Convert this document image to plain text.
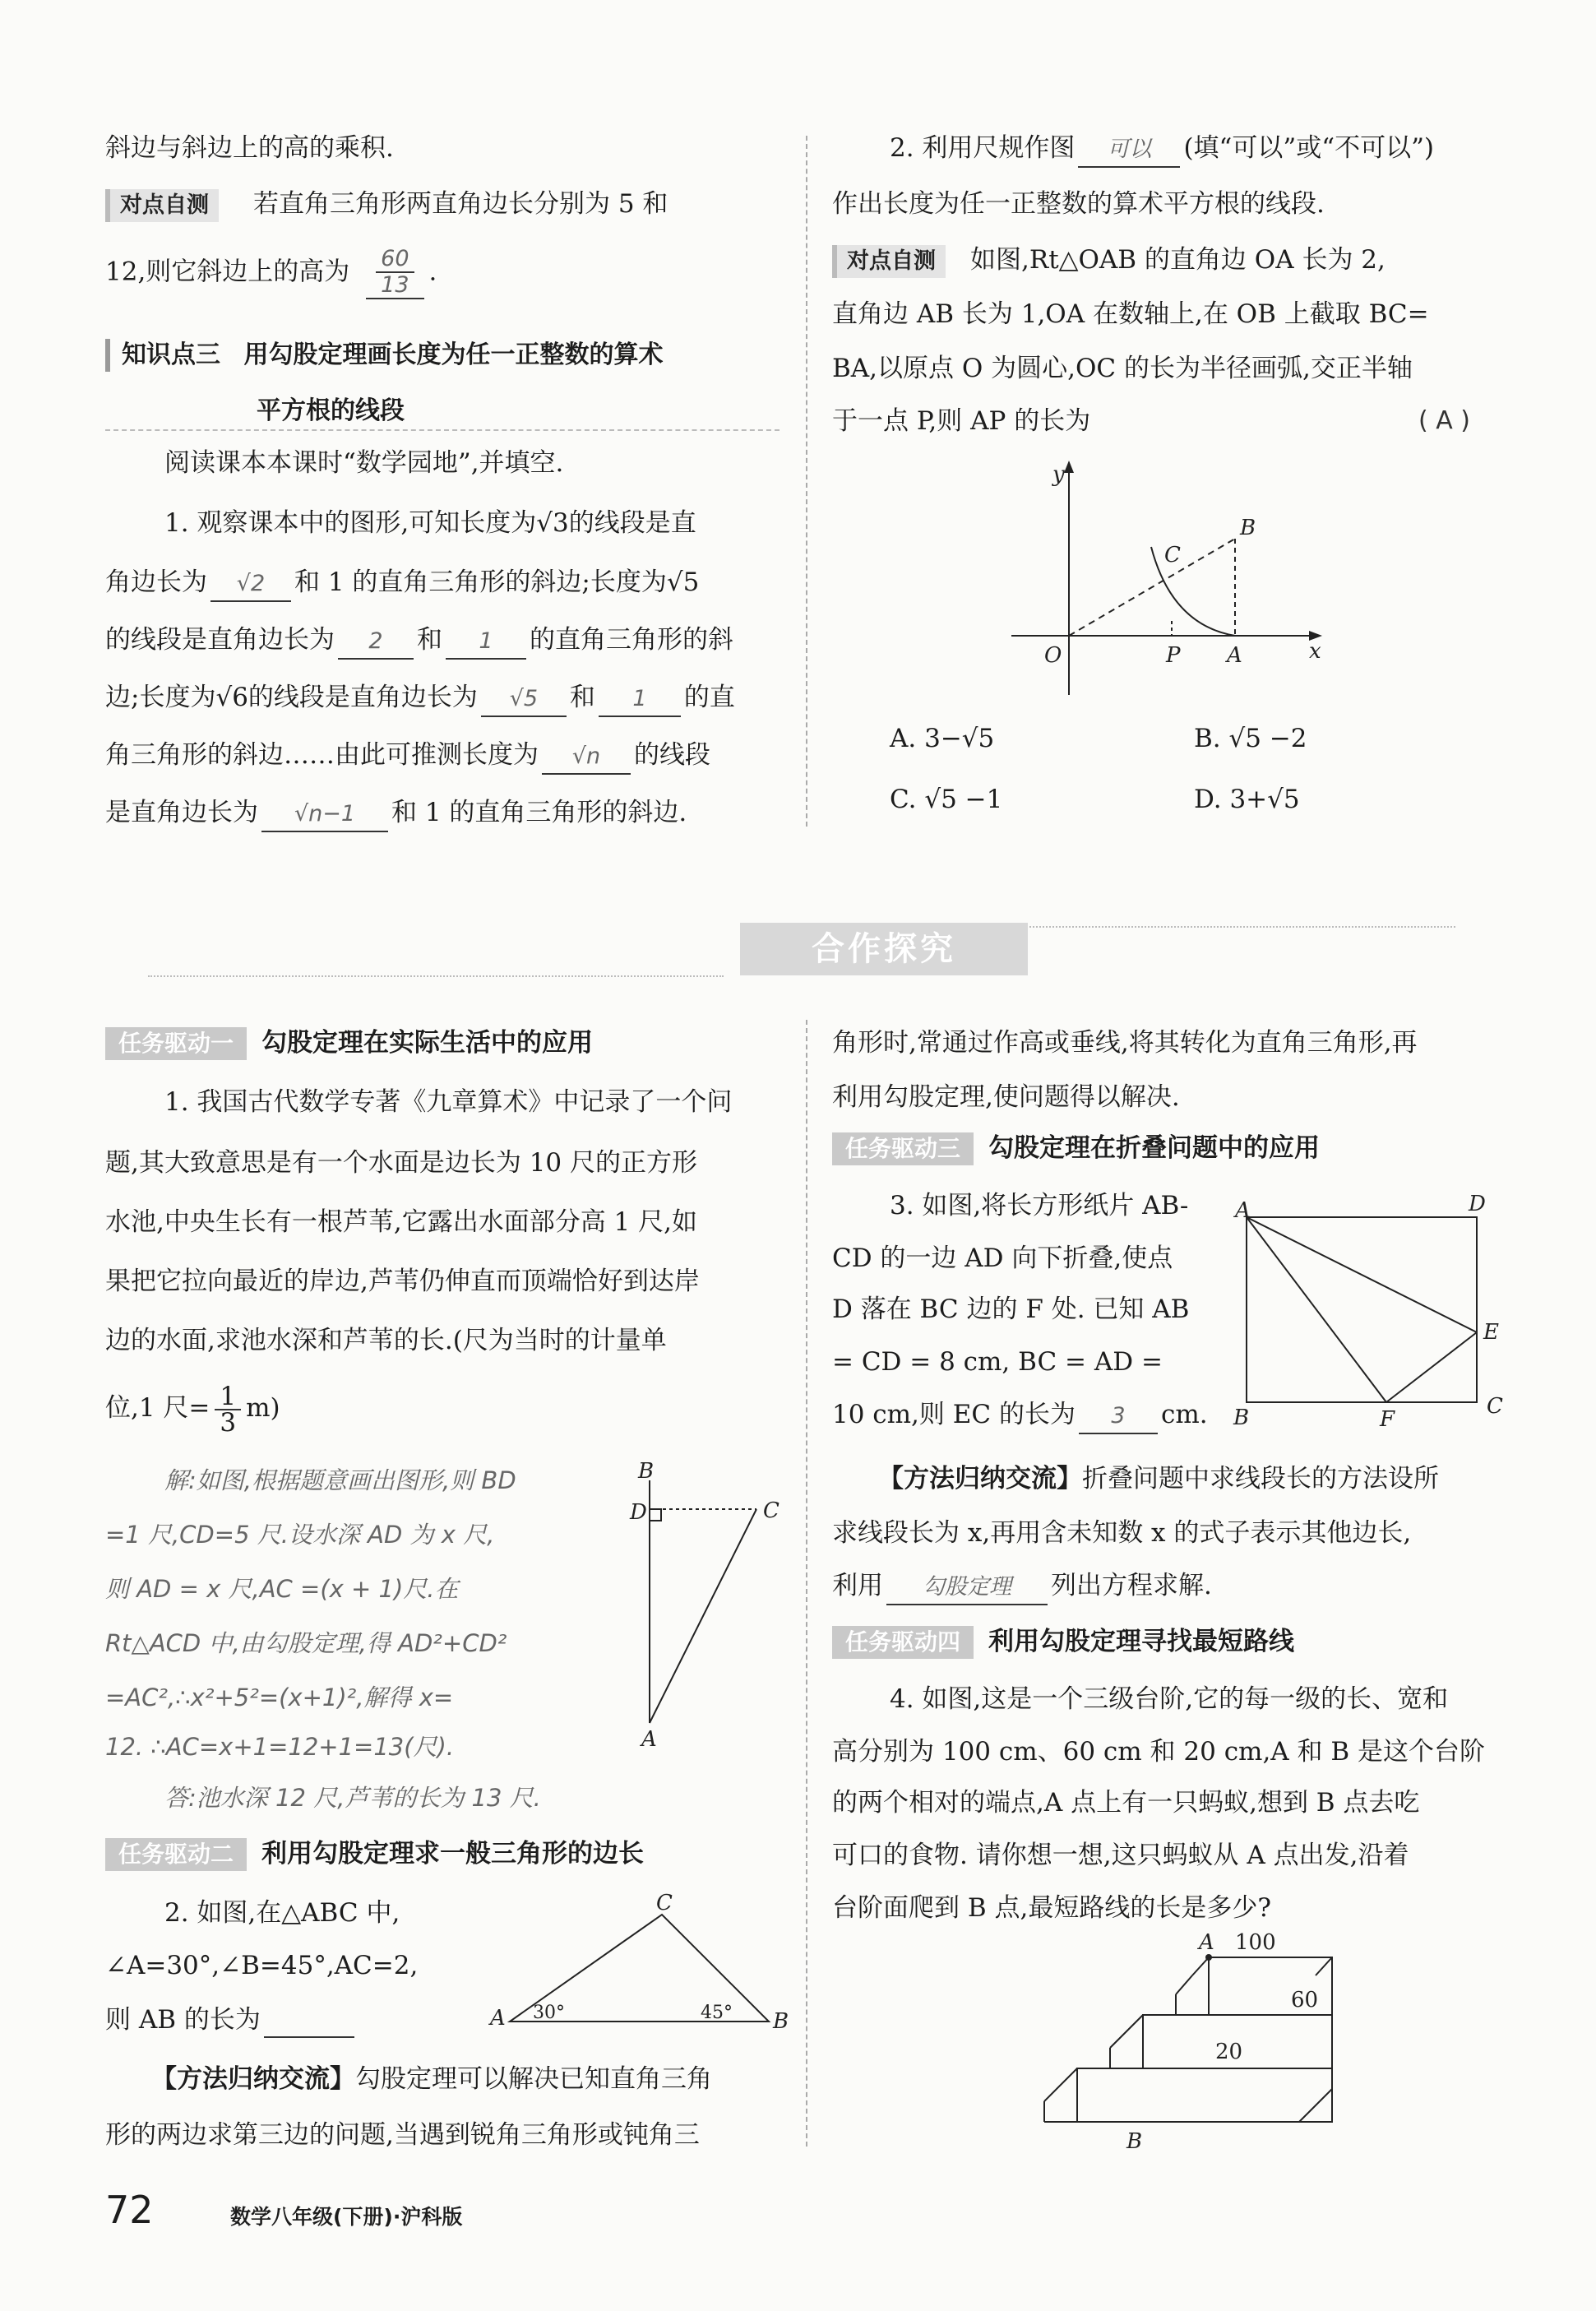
斜边与斜边上的高的乘积.
对点自测 若直角三角形两直角边长分别为 5 和
12,则它斜边上的高为 $\frac{60}{13}$ .
知识点三 用勾股定理画长度为任一正整数的算术
平方根的线段
阅读课本本课时“数学园地”,并填空.
1. 观察课本中的图形,可知长度为√3的线段是直
角边长为 √2 和 1 的直角三角形的斜边;长度为√5
的线段是直角边长为 2 和 1 的直角三角形的斜
边;长度为√6的线段是直角边长为 √5 和 1 的直
角三角形的斜边……由此可推测长度为 √n 的线段
是直角边长为 √n−1 和 1 的直角三角形的斜边.
2. 利用尺规作图 可以 (填“可以”或“不可以”)
作出长度为任一正整数的算术平方根的线段.
对点自测 如图,Rt△OAB 的直角边 OA 长为 2,
直角边 AB 长为 1,OA 在数轴上,在 OB 上截取 BC=
BA,以原点 O 为圆心,OC 的长为半径画弧,交正半轴
于一点 P,则 AP 的长为	( A )
y
x
O	P A
B
C
A. 3−√5	B. √5 −2
C. √5 −1	D. 3+√5
合作探究
任务驱动一 勾股定理在实际生活中的应用
1. 我国古代数学专著《九章算术》中记录了一个问
题,其大致意思是有一个水面是边长为 10 尺的正方形
水池,中央生长有一根芦苇,它露出水面部分高 1 尺,如
果把它拉向最近的岸边,芦苇仍伸直而顶端恰好到达岸
边的水面,求池水深和芦苇的长.(尺为当时的计量单
位,1 尺= $\frac{1}{3} m$)
解:如图,根据题意画出图形,则 BD
=1 尺,CD=5 尺.设水深 AD 为 x 尺,
则 AD = x 尺,AC =(x + 1)尺.在
Rt△ACD 中,由勾股定理,得 AD²+CD²
=AC²,∴x²+5²=(x+1)²,解得 x=
12. ∴AC=x+1=12+1=13(尺).
答:池水深 12 尺,芦苇的长为 13 尺.
B
D	C
A
任务驱动二 利用勾股定理求一般三角形的边长
2. 如图,在△ABC 中,
∠A=30°,∠B=45°,AC=2,
则 AB 的长为
C
A	B
30°	45°
【方法归纳交流】勾股定理可以解决已知直角三角
形的两边求第三边的问题,当遇到锐角三角形或钝角三
角形时,常通过作高或垂线,将其转化为直角三角形,再
利用勾股定理,使问题得以解决.
任务驱动三 勾股定理在折叠问题中的应用
3. 如图,将长方形纸片 AB-
CD 的一边 AD 向下折叠,使点
D 落在 BC 边的 F 处. 已知 AB
= CD = 8 cm, BC = AD =
10 cm,则 EC 的长为 3 cm.
A	D
E
C
B	F
【方法归纳交流】折叠问题中求线段长的方法设所
求线段长为 x,再用含未知数 x 的式子表示其他边长,
利用 勾股定理 列出方程求解.
任务驱动四 利用勾股定理寻找最短路线
4. 如图,这是一个三级台阶,它的每一级的长、宽和
高分别为 100 cm、60 cm 和 20 cm,A 和 B 是这个台阶
的两个相对的端点,A 点上有一只蚂蚁,想到 B 点去吃
可口的食物. 请你想一想,这只蚂蚁从 A 点出发,沿着
台阶面爬到 B 点,最短路线的长是多少?
A 100
60
20
B
72	数学八年级(下册)·沪科版
